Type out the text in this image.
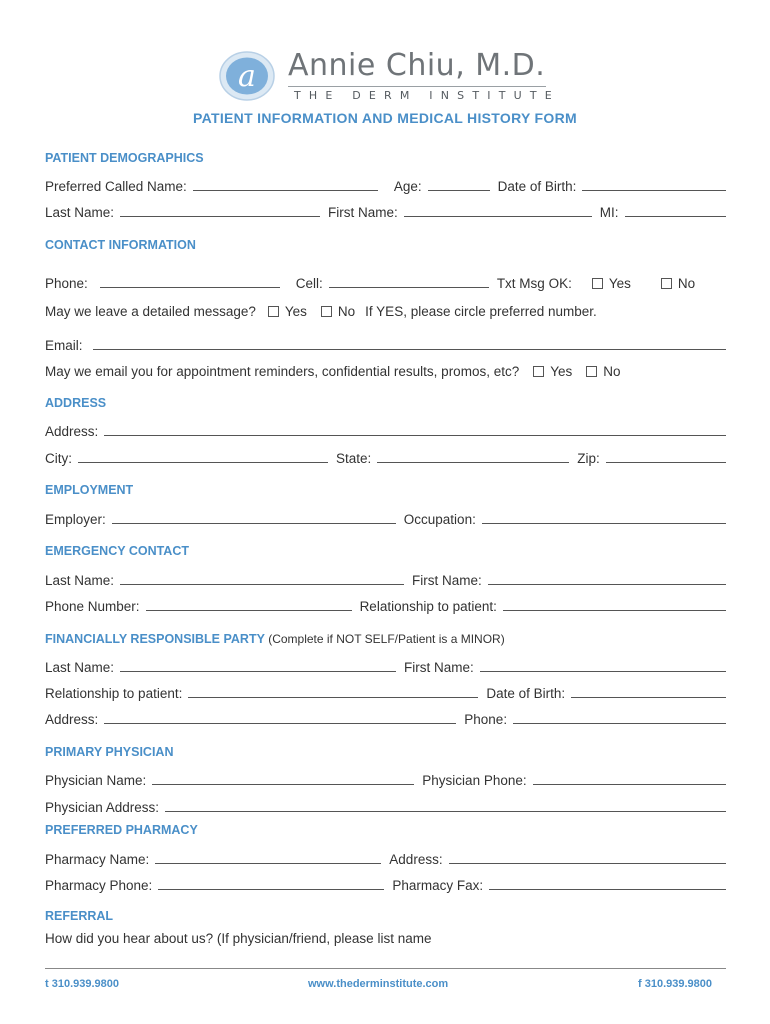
a Annie Chiu, M.D.
THE DERM INSTITUTE
PATIENT INFORMATION AND MEDICAL HISTORY FORM
PATIENT DEMOGRAPHICS
Preferred Called Name:	Age:	Date of Birth:
Last Name:	First Name:	MI:
CONTACT INFORMATION
Phone:	Cell:	Txt Msg OK:	Yes	No
May we leave a detailed message? Yes No If YES, please circle preferred number.
Email:
May we email you for appointment reminders, confidential results, promos, etc? Yes No
ADDRESS
Address:
City:	State:	Zip:
EMPLOYMENT
Employer:	Occupation:
EMERGENCY CONTACT
Last Name:	First Name:
Phone Number:	Relationship to patient:
FINANCIALLY RESPONSIBLE PARTY (Complete if NOT SELF/Patient is a MINOR)
Last Name:	First Name:
Relationship to patient:	Date of Birth:
Address:	Phone:
PRIMARY PHYSICIAN
Physician Name:	Physician Phone:
Physician Address:
PREFERRED PHARMACY
Pharmacy Name:	Address:
Pharmacy Phone:	Pharmacy Fax:
REFERRAL
How did you hear about us? (If physician/friend, please list name
t 310.939.9800	www.thederminstitute.com	f 310.939.9800
